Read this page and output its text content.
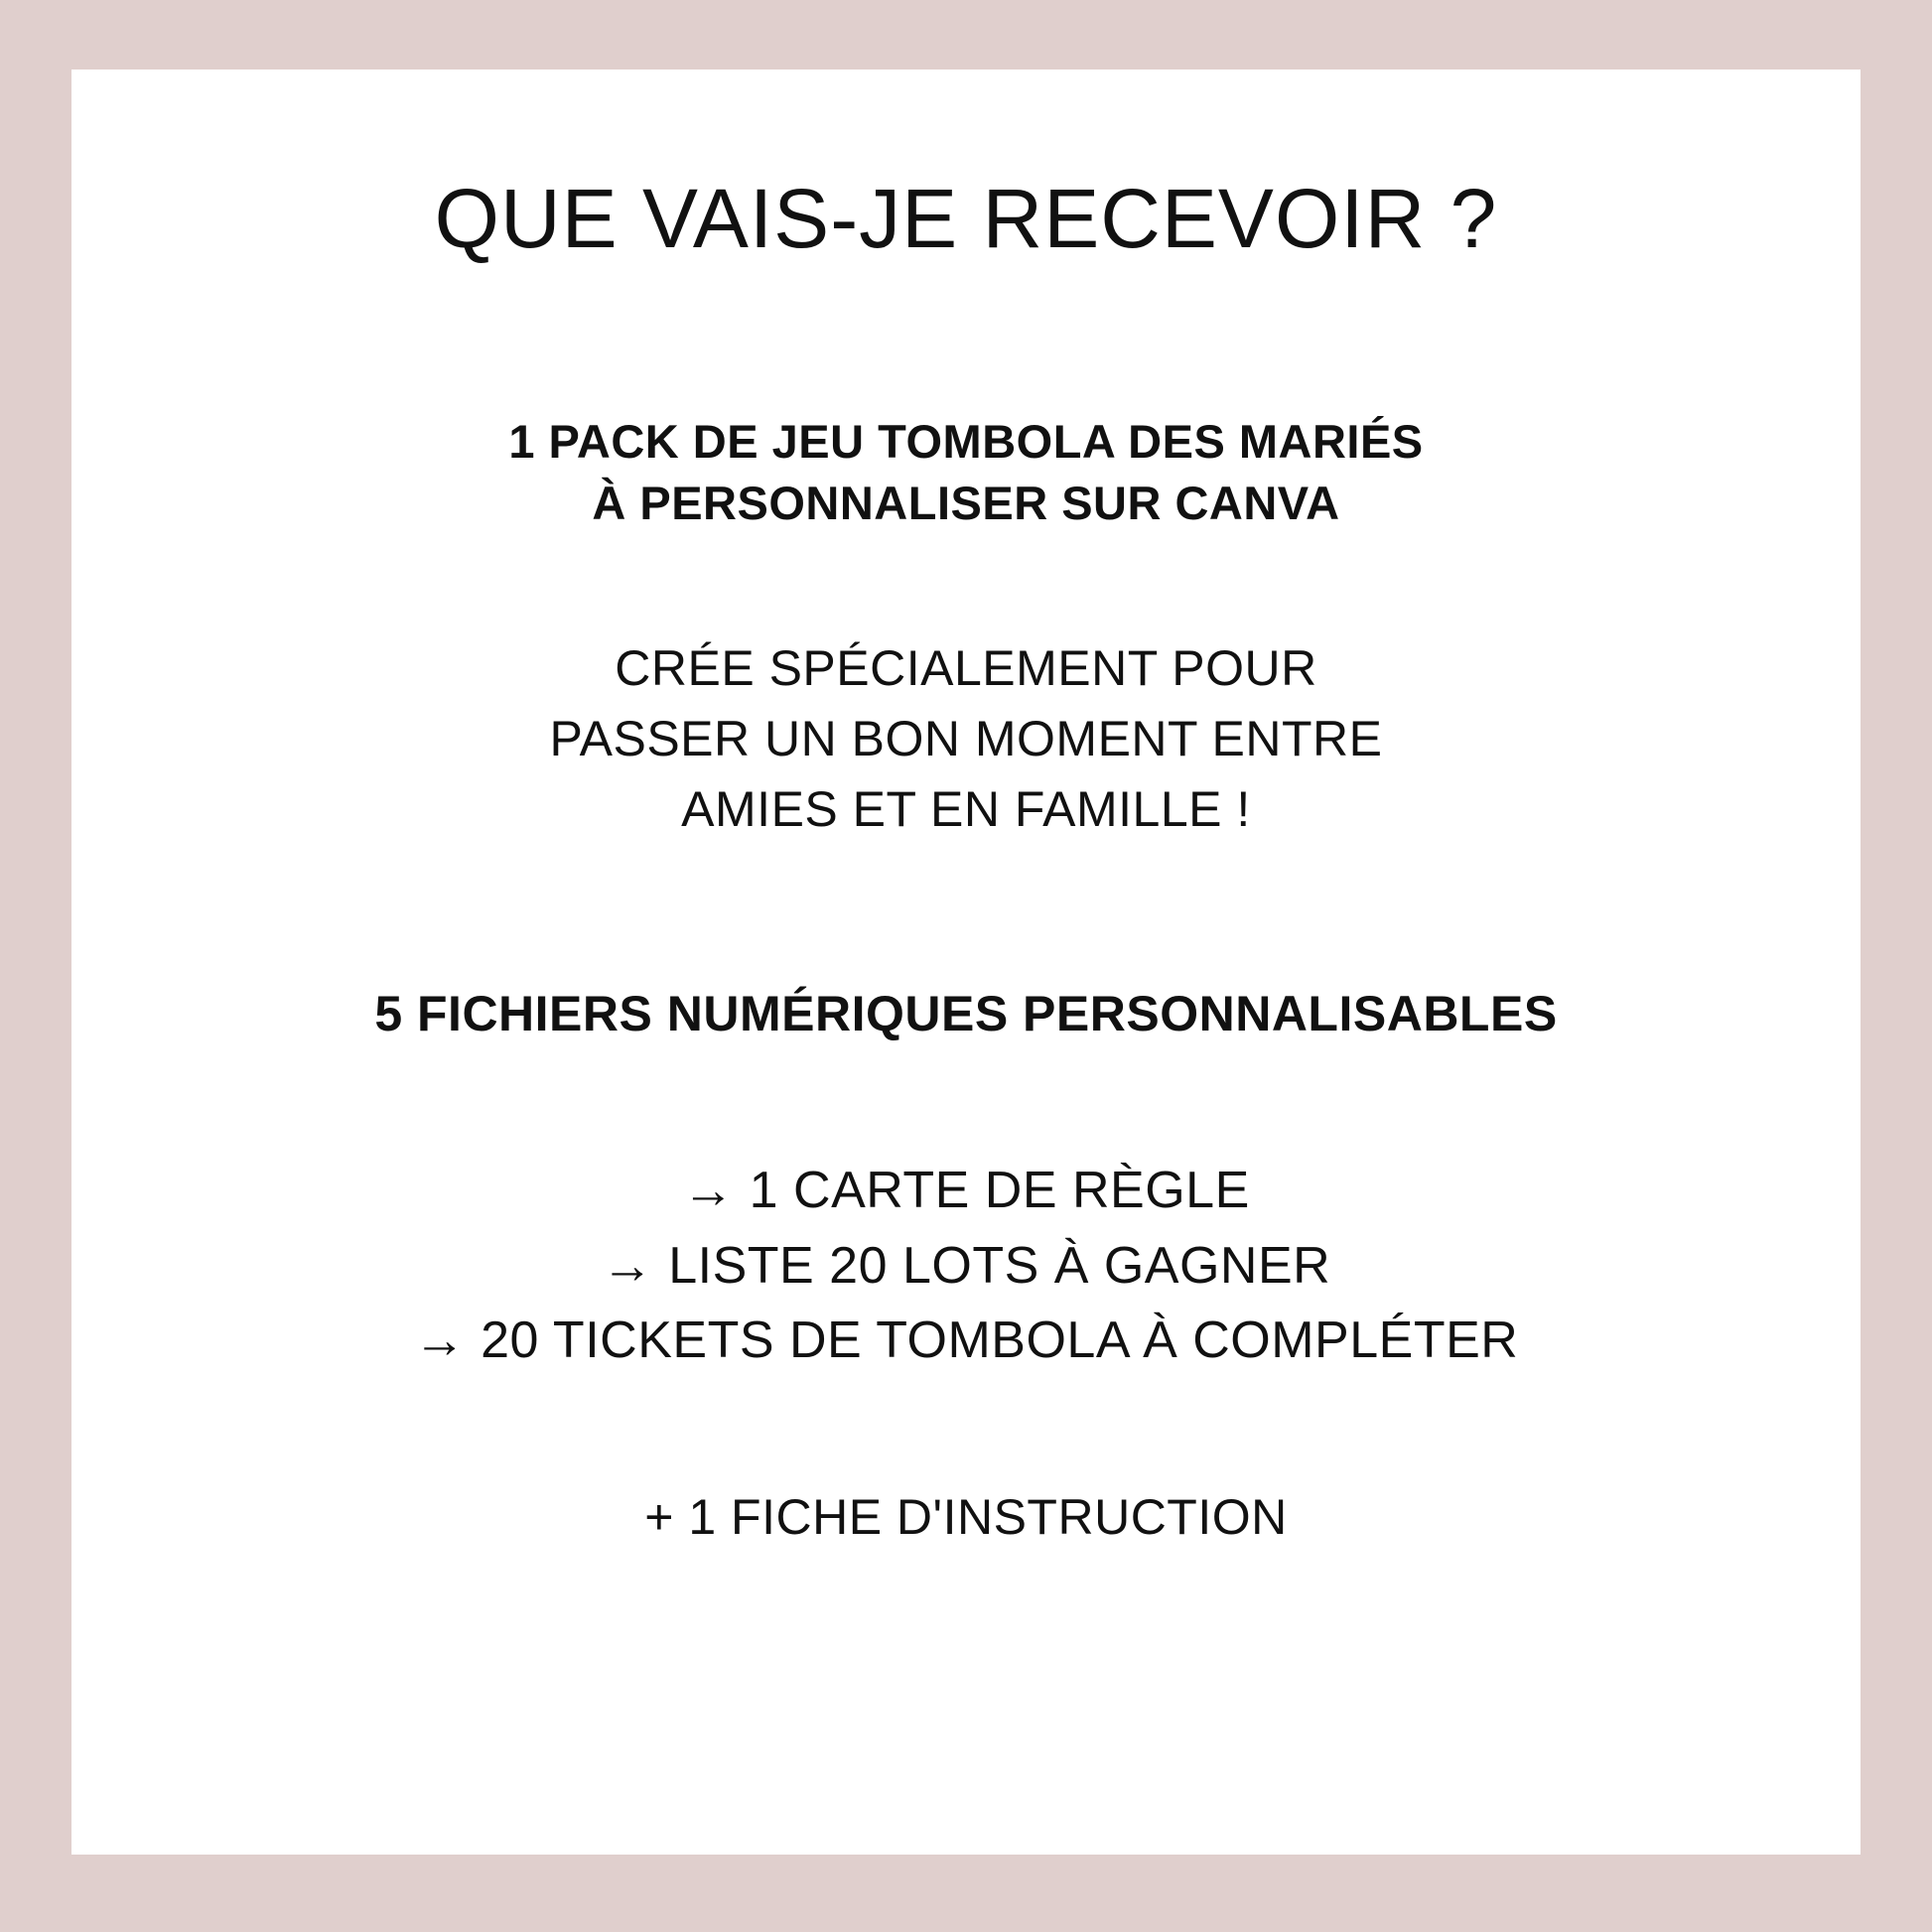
QUE VAIS-JE RECEVOIR ?
1 PACK DE JEU TOMBOLA DES MARIÉS
À PERSONNALISER SUR CANVA
CRÉE SPÉCIALEMENT POUR
PASSER UN BON MOMENT ENTRE
AMIES ET EN FAMILLE !
5 FICHIERS NUMÉRIQUES PERSONNALISABLES
→ 1 CARTE DE RÈGLE
→ LISTE 20 LOTS À GAGNER
→ 20 TICKETS DE TOMBOLA À COMPLÉTER
+ 1 FICHE D'INSTRUCTION
